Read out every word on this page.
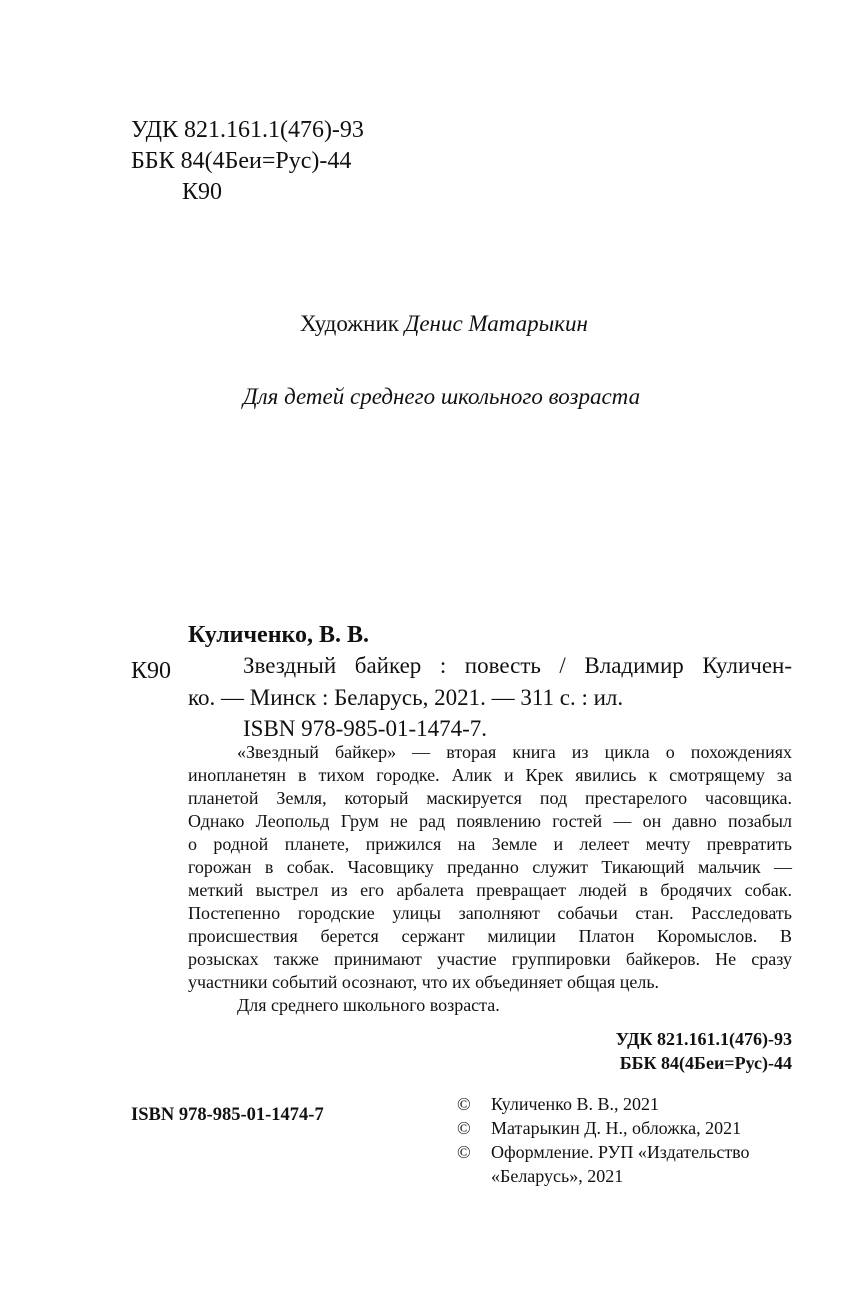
УДК 821.161.1(476)-93
ББК 84(4Беи=Рус)-44
К90
Художник Денис Матарыкин
Для детей среднего школьного возраста
Куличенко, В. В.
К90	Звездный байкер : повесть / Владимир Куличен-
ко. — Минск : Беларусь, 2021. — 311 с. : ил.
ISBN 978-985-01-1474-7.
«Звездный байкер» — вторая книга из цикла о похождениях
инопланетян в тихом городке. Алик и Крек явились к смотрящему за
планетой Земля, который маскируется под престарелого часовщика.
Однако Леопольд Грум не рад появлению гостей — он давно позабыл
о родной планете, прижился на Земле и лелеет мечту превратить
горожан в собак. Часовщику преданно служит Тикающий мальчик —
меткий выстрел из его арбалета превращает людей в бродячих собак.
Постепенно городские улицы заполняют собачьи стан. Расследовать
происшествия берется сержант милиции Платон Коромыслов. В
розысках также принимают участие группировки байкеров. Не сразу
участники событий осознают, что их объединяет общая цель.
Для среднего школьного возраста.
УДК 821.161.1(476)-93
ББК 84(4Беи=Рус)-44
ISBN 978-985-01-1474-7
© Куличенко В. В., 2021
© Матарыкин Д. Н., обложка, 2021
© Оформление. РУП «Издательство
«Беларусь», 2021
